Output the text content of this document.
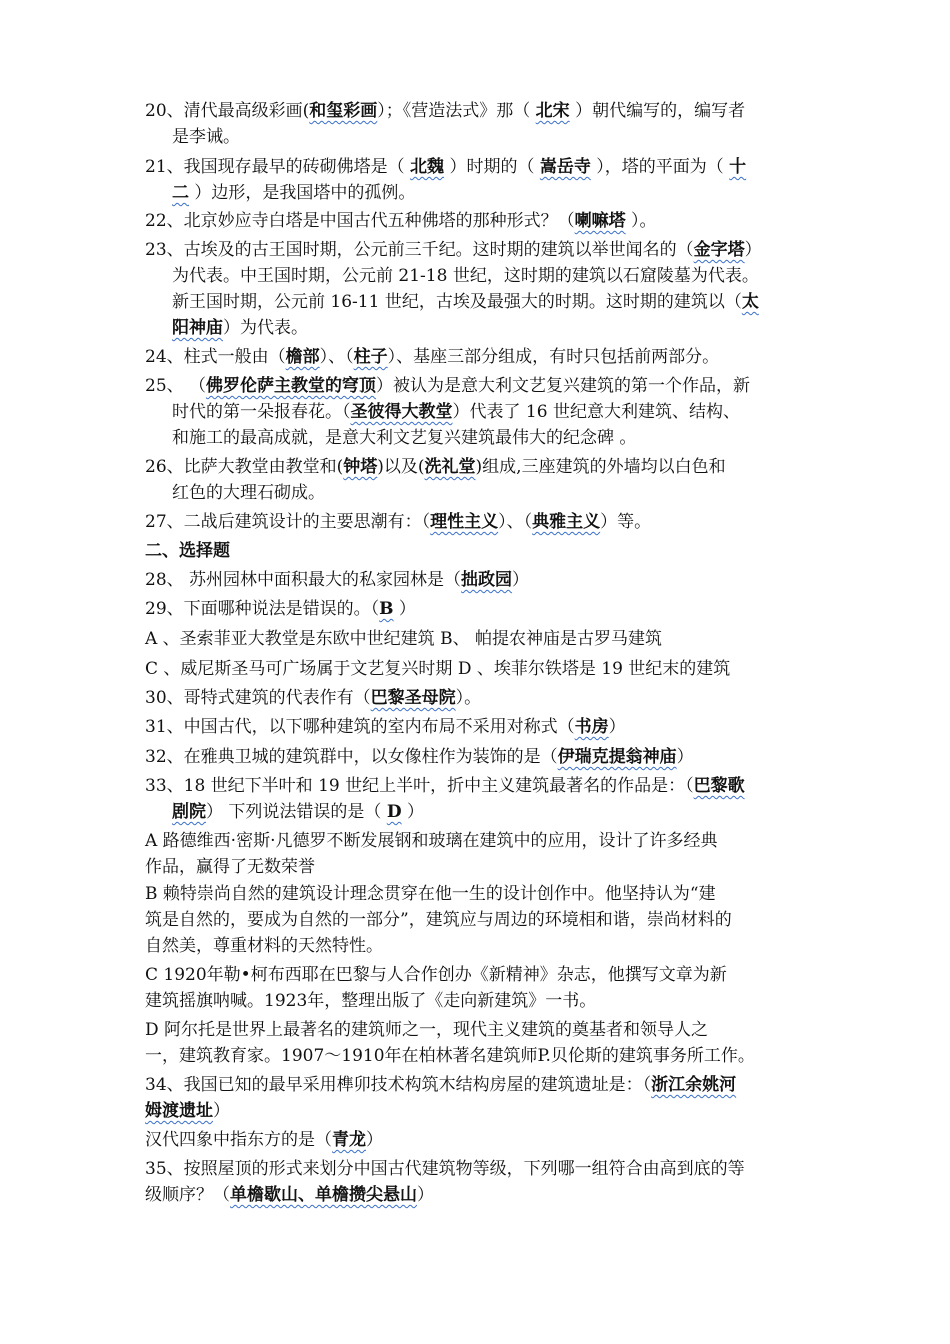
20、清代最高级彩画(和玺彩画）；《营造法式》那（ 北宋 ）朝代编写的，编写者
是李诫。
21、我国现存最早的砖砌佛塔是（ 北魏 ）时期的（ 嵩岳寺 ），塔的平面为（ 十
二 ）边形，是我国塔中的孤例。
22、北京妙应寺白塔是中国古代五种佛塔的那种形式？（喇嘛塔 ）。
23、古埃及的古王国时期，公元前三千纪。这时期的建筑以举世闻名的（金字塔）
为代表。中王国时期，公元前 21-18 世纪，这时期的建筑以石窟陵墓为代表。
新王国时期，公元前 16-11 世纪，古埃及最强大的时期。这时期的建筑以（太
阳神庙）为代表。
24、柱式一般由（檐部）、（柱子）、基座三部分组成，有时只包括前两部分。
25、 （佛罗伦萨主教堂的穹顶）被认为是意大利文艺复兴建筑的第一个作品，新
时代的第一朵报春花。（圣彼得大教堂）代表了 16 世纪意大利建筑、结构、
和施工的最高成就，是意大利文艺复兴建筑最伟大的纪念碑 。
26、比萨大教堂由教堂和(钟塔)以及(洗礼堂)组成,三座建筑的外墙均以白色和
红色的大理石砌成。
27、二战后建筑设计的主要思潮有：（理性主义）、（典雅主义）等。
二、选择题
28、 苏州园林中面积最大的私家园林是（拙政园）
29、下面哪种说法是错误的。（B ）
A 、圣索菲亚大教堂是东欧中世纪建筑 B、 帕提农神庙是古罗马建筑
C 、威尼斯圣马可广场属于文艺复兴时期 D 、埃菲尔铁塔是 19 世纪末的建筑
30、哥特式建筑的代表作有（巴黎圣母院）。
31、中国古代，以下哪种建筑的室内布局不采用对称式（书房）
32、在雅典卫城的建筑群中，以女像柱作为装饰的是（伊瑞克提翁神庙）
33、18 世纪下半叶和 19 世纪上半叶，折中主义建筑最著名的作品是：（巴黎歌
剧院） 下列说法错误的是（ D ）
A 路德维西·密斯·凡德罗不断发展钢和玻璃在建筑中的应用，设计了许多经典
作品，赢得了无数荣誉
B 赖特崇尚自然的建筑设计理念贯穿在他一生的设计创作中。他坚持认为“建
筑是自然的，要成为自然的一部分”，建筑应与周边的环境相和谐，崇尚材料的
自然美，尊重材料的天然特性。
C 1920年勒•柯布西耶在巴黎与人合作创办《新精神》杂志，他撰写文章为新
建筑摇旗呐喊。1923年，整理出版了《走向新建筑》一书。
D 阿尔托是世界上最著名的建筑师之一，现代主义建筑的奠基者和领导人之
一，建筑教育家。1907～1910年在柏林著名建筑师P.贝伦斯的建筑事务所工作。
34、我国已知的最早采用榫卯技术构筑木结构房屋的建筑遗址是：（浙江余姚河
姆渡遗址）
汉代四象中指东方的是（青龙）
35、按照屋顶的形式来划分中国古代建筑物等级，下列哪一组符合由高到底的等
级顺序？（单檐歇山、单檐攒尖悬山）
